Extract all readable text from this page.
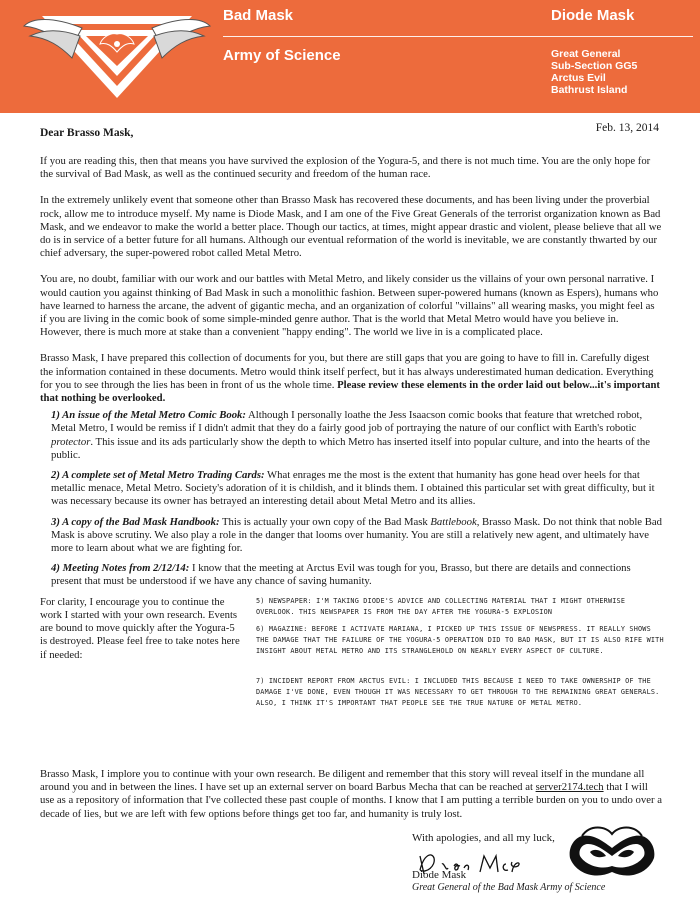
Bad Mask
Army of Science
Diode Mask
Great General
Sub-Section GG5
Arctus Evil
Bathrust Island
Feb. 13, 2014
Dear Brasso Mask,

If you are reading this, then that means you have survived the explosion of the Yogura-5, and there is not much time. You are the only hope for the survival of Bad Mask, as well as the continued security and freedom of the human race.

In the extremely unlikely event that someone other than Brasso Mask has recovered these documents, and has been living under the proverbial rock, allow me to introduce myself. My name is Diode Mask, and I am one of the Five Great Generals of the terrorist organization known as Bad Mask, and we endeavor to make the world a better place. Though our tactics, at times, might appear drastic and violent, please believe that all we do is in service of a better future for all humans. Although our eventual reformation of the world is inevitable, we are constantly thwarted by our chief adversary, the super-powered robot called Metal Metro.

You are, no doubt, familiar with our work and our battles with Metal Metro, and likely consider us the villains of your own personal narrative. I would caution you against thinking of Bad Mask in such a monolithic fashion. Between super-powered humans (known as Espers), humans who have learned to harness the arcane, the advent of gigantic mecha, and an organization of colorful "villains" all wearing masks, you might feel as if you are living in the comic book of some simple-minded genre author. That is the world that Metal Metro would have you believe in. However, there is much more at stake than a convenient "happy ending". The world we live in is a complicated place.

Brasso Mask, I have prepared this collection of documents for you, but there are still gaps that you are going to have to fill in. Carefully digest the information contained in these documents. Metro would think itself perfect, but it has always underestimated human dedication. Everything for you to see through the lies has been in front of us the whole time. Please review these elements in the order laid out below...it's important that nothing be overlooked.

1) An issue of the Metal Metro Comic Book: Although I personally loathe the Jess Isaacson comic books that feature that wretched robot, Metal Metro, I would be remiss if I didn't admit that they do a fairly good job of portraying the nature of our conflict with Earth's robotic protector. This issue and its ads particularly show the depth to which Metro has inserted itself into popular culture, and into the hearts of the public.
2) A complete set of Metal Metro Trading Cards: What enrages me the most is the extent that humanity has gone head over heels for that metallic menace, Metal Metro. Society's adoration of it is childish, and it blinds them. I obtained this particular set with great difficulty, but it was necessary because its owner has betrayed an interesting detail about Metal Metro and its allies.
3) A copy of the Bad Mask Handbook: This is actually your own copy of the Bad Mask Battlebook, Brasso Mask. Do not think that noble Bad Mask is above scrutiny. We also play a role in the danger that looms over humanity. You are still a relatively new agent, and ultimately have more to learn about what we are fighting for.
4) Meeting Notes from 2/12/14: I know that the meeting at Arctus Evil was tough for you, Brasso, but there are details and connections present that must be understood if we have any chance of saving humanity.
For clarity, I encourage you to continue the work I started with your own research. Events are bound to move quickly after the Yogura-5 is destroyed. Please feel free to take notes here if needed:
5) NEWSPAPER: I'M TAKING DIODE'S ADVICE AND COLLECTING MATERIAL THAT I MIGHT OTHERWISE OVERLOOK. THIS NEWSPAPER IS FROM THE DAY AFTER THE YOGURA-5 EXPLOSION
6) MAGAZINE: BEFORE I ACTIVATE MARIANA, I PICKED UP THIS ISSUE OF NEWSPRESS. IT REALLY SHOWS THE DAMAGE THAT THE FAILURE OF THE YOGURA-5 OPERATION DID TO BAD MASK, BUT IT IS ALSO RIFE WITH INSIGHT ABOUT METAL METRO AND ITS STRANGLEHOLD ON NEARLY EVERY ASPECT OF CULTURE.
7) INCIDENT REPORT FROM ARCTUS EVIL: I INCLUDED THIS BECAUSE I NEED TO TAKE OWNERSHIP OF THE DAMAGE I'VE DONE, EVEN THOUGH IT WAS NECESSARY TO GET THROUGH TO THE REMAINING GREAT GENERALS. ALSO, I THINK IT'S IMPORTANT THAT PEOPLE SEE THE TRUE NATURE OF METAL METRO.
Brasso Mask, I implore you to continue with your own research. Be diligent and remember that this story will reveal itself in the mundane all around you and in between the lines. I have set up an external server on board Barbus Mecha that can be reached at server2174.tech that I will use as a repository of information that I've collected these past couple of months. I know that I am putting a terrible burden on you to undo over a decade of lies, but we are left with few options before things get too far, and humanity is truly lost.
With apologies, and all my luck,
Diode Mask
Great General of the Bad Mask Army of Science
